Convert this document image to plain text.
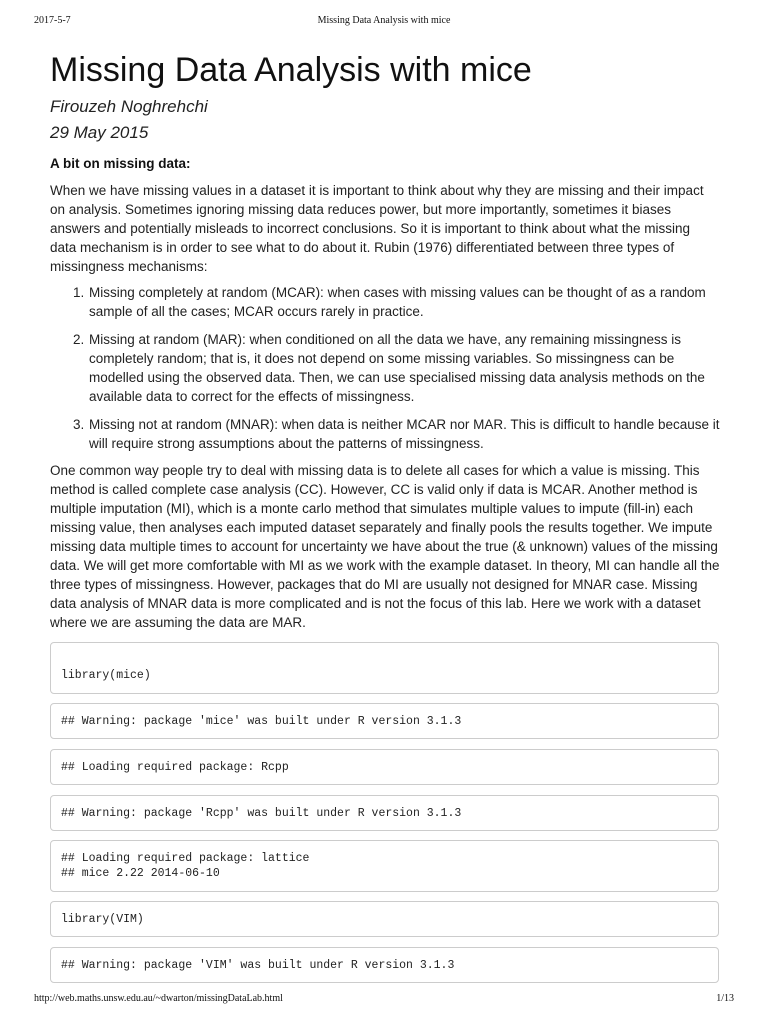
2017-5-7	Missing Data Analysis with mice
Missing Data Analysis with mice
Firouzeh Noghrehchi
29 May 2015
A bit on missing data:

When we have missing values in a dataset it is important to think about why they are missing and their impact on analysis. Sometimes ignoring missing data reduces power, but more importantly, sometimes it biases answers and potentially misleads to incorrect conclusions. So it is important to think about what the missing data mechanism is in order to see what to do about it. Rubin (1976) differentiated between three types of missingness mechanisms:

1. Missing completely at random (MCAR): when cases with missing values can be thought of as a random sample of all the cases; MCAR occurs rarely in practice.
2. Missing at random (MAR): when conditioned on all the data we have, any remaining missingness is completely random; that is, it does not depend on some missing variables. So missingness can be modelled using the observed data. Then, we can use specialised missing data analysis methods on the available data to correct for the effects of missingness.
3. Missing not at random (MNAR): when data is neither MCAR nor MAR. This is difficult to handle because it will require strong assumptions about the patterns of missingness.

One common way people try to deal with missing data is to delete all cases for which a value is missing. This method is called complete case analysis (CC). However, CC is valid only if data is MCAR. Another method is multiple imputation (MI), which is a monte carlo method that simulates multiple values to impute (fill-in) each missing value, then analyses each imputed dataset separately and finally pools the results together. We impute missing data multiple times to account for uncertainty we have about the true (& unknown) values of the missing data. We will get more comfortable with MI as we work with the example dataset. In theory, MI can handle all the three types of missingness. However, packages that do MI are usually not designed for MNAR case. Missing data analysis of MNAR data is more complicated and is not the focus of this lab. Here we work with a dataset where we are assuming the data are MAR.

library(mice)
## Warning: package 'mice' was built under R version 3.1.3
## Loading required package: Rcpp
## Warning: package 'Rcpp' was built under R version 3.1.3
## Loading required package: lattice
## mice 2.22 2014-06-10
library(VIM)
## Warning: package 'VIM' was built under R version 3.1.3
http://web.maths.unsw.edu.au/~dwarton/missingDataLab.html	1/13
